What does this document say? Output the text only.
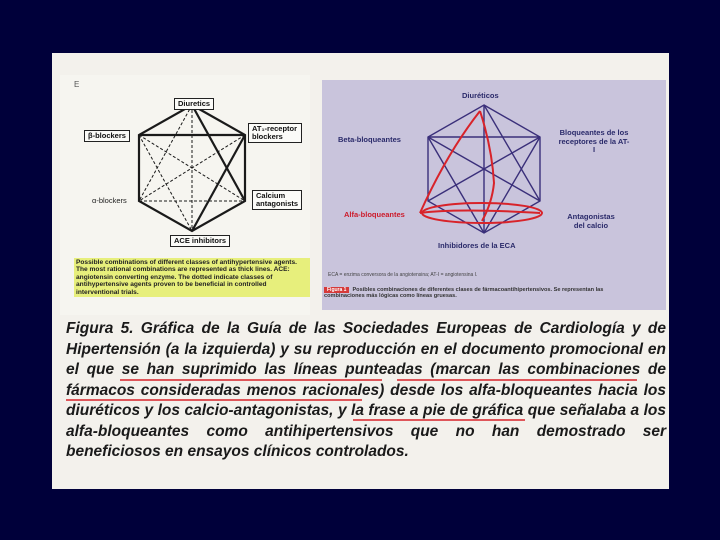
E
Diuretics
β-blockers
AT₁-receptor blockers
α-blockers
Calcium antagonists
ACE inhibitors
Possible combinations of different classes of antihypertensive agents. The most rational combinations are represented as thick lines. ACE: angiotensin converting enzyme. The dotted indicate classes of antihypertensive agents proven to be beneficial in controlled interventional trials.
Diuréticos
Beta-bloqueantes
Bloqueantes de los receptores de la AT-I
Alfa-bloqueantes	Antagonistas del calcio
Inhibidores de la ECA
ECA = enzima conversora de la angiotensina; AT-I = angiotensina I.
Figura 1 Posibles combinaciones de diferentes clases de fármacoantihipertensivos. Se representan las combinaciones más lógicas como líneas gruesas.
Figura 5. Gráfica de la Guía de las Sociedades Europeas de Cardiología y de Hipertensión (a la izquierda) y su reproducción en el documento promocional en el que se han suprimido las líneas punteadas (marcan las combinaciones de fármacos consideradas menos racionales) desde los alfa-bloqueantes hacia los diuréticos y los calcio-antagonistas, y la frase a pie de gráfica que señalaba a los alfa-bloqueantes como antihipertensivos que no han demostrado ser beneficiosos en ensayos clínicos controlados.
